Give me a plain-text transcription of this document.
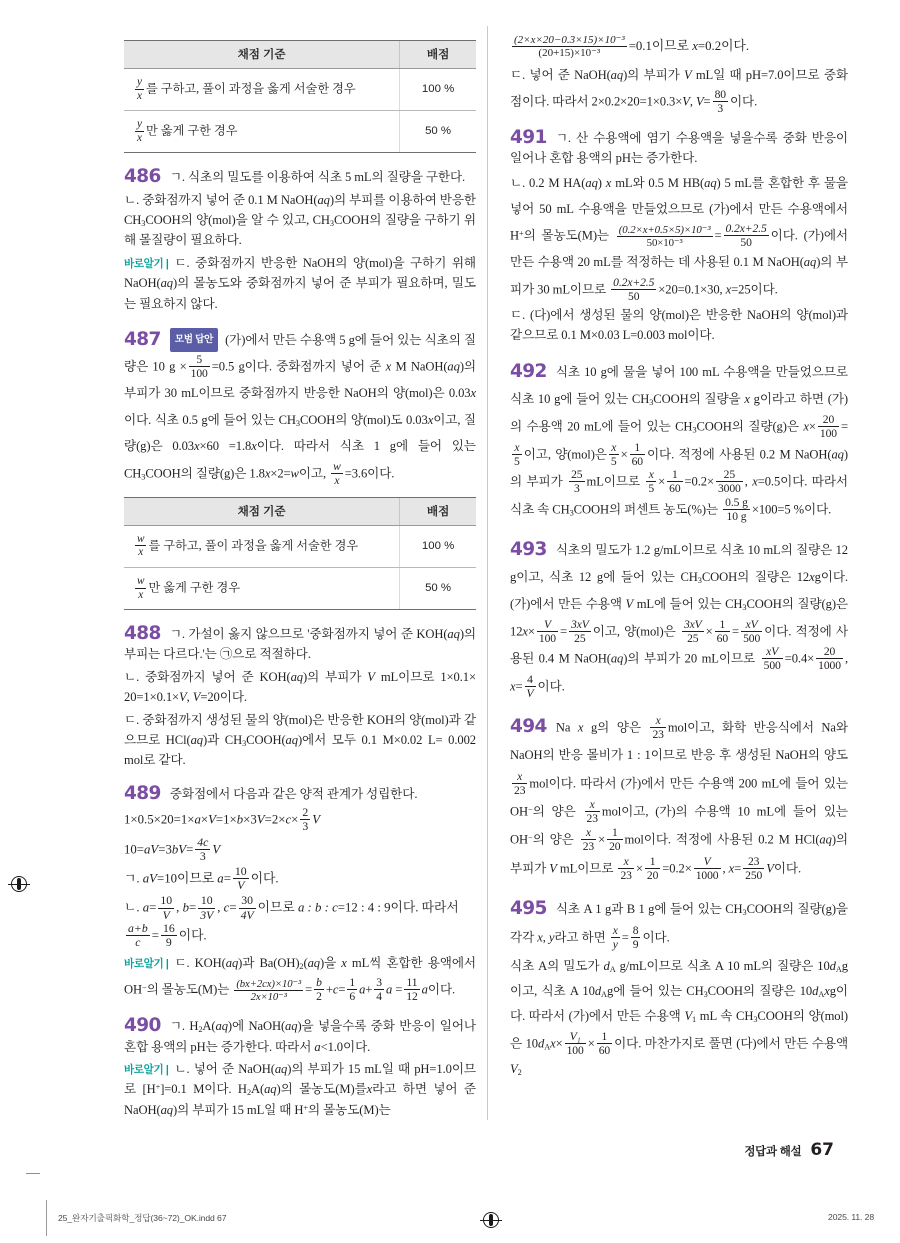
채점 기준	배점

$\frac{y}{x}$ 를 구하고, 풀이 과정을 옳게 서술한 경우	100 %

$\frac{y}{x}$ 만 옳게 구한 경우	50 %

486 ㄱ. 식초의 밀도를 이용하여 식초 5 mL의 질량을 구한다.

ㄴ. 중화점까지 넣어 준 0.1 M NaOH(aq)의 부피를 이용하여 반응한 $CH_3COOH$의 양(mol)을 알 수 있고, $CH_3COOH$의 질량을 구하기 위해 몰질량이 필요하다.

바로알기 | ㄷ. 중화점까지 반응한 NaOH의 양(mol)을 구하기 위해 NaOH(aq)의 몰농도와 중화점까지 넣어 준 부피가 필요하며, 밀도는 필요하지 않다.

487 모범 답안 (가)에서 만든 수용액 5 g에 들어 있는 식초의 질량은 10 $g \times \frac{5}{100} =0.5$ g이다. 중화점까지 넣어 준 x M NaOH(aq)의 부피가 30 mL이므로 중화점까지 반응한 NaOH의 양(mol)은 0.03x이다. 식초 0.5 g에 들어 있는 $CH_3COOH$의 양(mol)도 0.03x이고, 질량(g)은 0.03x×60 =1.8x이다. 따라서 식초 1 g에 들어 있는 $CH_3COOH$의 질량(g)은 1.8x×2=w이고, $\frac{w}{x} =3.6$이다.

채점 기준	배점

$\frac{w}{x}$ 를 구하고, 풀이 과정을 옳게 서술한 경우	100 %

$\frac{w}{x}$ 만 옳게 구한 경우	50 %

488 ㄱ. 가설이 옳지 않으므로 '중화점까지 넣어 준 KOH(aq)의 부피는 다르다.'는 ㉠으로 적절하다.

ㄴ. 중화점까지 넣어 준 KOH(aq)의 부피가 V mL이므로 1×0.1× 20=1×0.1×V, V=20이다.

ㄷ. 중화점까지 생성된 물의 양(mol)은 반응한 KOH의 양(mol)과 같으므로 HCl(aq)과 $CH_3COOH(aq)$에서 모두 0.1 M×0.02 L= 0.002 mol로 같다.

489 중화점에서 다음과 같은 양적 관계가 성립한다.

$1\times 0.5\times 20=1\times a\times V=1\times b\times 3V=2\times c\times \frac{2}{3}$ V

$10=aV=3bV= \frac{4c}{3}$ V

ㄱ. aV=10이므로 $a= \frac{10}{V}$ 이다.

ㄴ. $a= \frac{10}{V}$ , $b= \frac{10}{3V}$ , $c= \frac{30}{4V}$ 이므로 a : b : c=12 : 4 : 9이다. 따라서
$\frac{a+b}{c} = \frac{16}{9}$ 이다.

바로알기 | ㄷ. KOH(aq)과 $Ba(OH)_2(aq)$을 x mL씩 혼합한 용액에서 OH−의 몰농도(M)는 $\frac{\text{(bx+2cx)×10⁻³}}{\text{2x×10⁻³}} = \frac{b}{2} +c= \frac{1}{6} a+ \frac{3}{4}$ $a = \frac{11}{12}$ a이다.

490 ㄱ. $H_2A(aq)$에 NaOH(aq)을 넣을수록 중화 반응이 일어나 혼합 용액의 pH는 증가한다. 따라서 a<1.0이다.

바로알기 | ㄴ. 넣어 준 NaOH(aq)의 부피가 15 mL일 때 pH=1.0이므로 [H+]=0.1 M이다. $H_2A(aq)$의 몰농도(M)를x라고 하면 넣어 준 NaOH(aq)의 부피가 15 mL일 때 H+의 몰농도(M)는

$\frac{\text{(2×x×20−0.3×15)×10⁻³}}{\text{(20+15)×10⁻³}} =0.1$이므로 x=0.2이다.

ㄷ. 넣어 준 NaOH(aq)의 부피가 V mL일 때 pH=7.0이므로 중화점이다. 따라서 2×0.2×20=1×0.3×V, $V= \frac{80}{3}$ 이다.

491 ㄱ. 산 수용액에 염기 수용액을 넣을수록 중화 반응이 일어나 혼합 용액의 pH는 증가한다.

ㄴ. 0.2 M HA(aq) x mL와 0.5 M HB(aq) 5 mL를 혼합한 후 물을 넣어 50 mL 수용액을 만들었으므로 (가)에서 만든 수용액에서 H+의 몰농도(M)는 $\frac{\text{(0.2×x+0.5×5)×10⁻³}}{\text{50×10⁻³}} = \frac{0.2x+2.5}{50}$ 이다. (가)에서 만든 수용액 20 mL를 적정하는 데 사용된 0.1 M NaOH(aq)의 부피가 30 mL이므로 $\frac{0.2x+2.5}{50} \times 20=0.1\times 30$, x=25이다.

ㄷ. (다)에서 생성된 물의 양(mol)은 반응한 NaOH의 양(mol)과 같으므로 0.1 M×0.03 L=0.003 mol이다.

492 식초 10 g에 물을 넣어 100 mL 수용액을 만들었으므로 식초 10 g에 들어 있는 $CH_3COOH$의 질량을 x g이라고 하면 (가)의 수용액 20 mL에 들어 있는 $CH_3COOH$의 질량(g)은 $x\times \frac{20}{100}$ =
$\frac{x}{5}$ 이고, 양(mol)은 $\frac{x}{5} \times \frac{1}{60}$ 이다. 적정에 사용된 0.2 M NaOH(aq)의 부피가 $\frac{25}{3}$ mL이므로 $\frac{x}{5} \times \frac{1}{60} =0.2\times \frac{25}{3000}$ , x=0.5이다. 따라서 식초 속 $CH_3COOH$의 퍼센트 농도(%)는 $\frac{0.5 g}{10 g} \times 100=5$ %이다.

493 식초의 밀도가 1.2 g/mL이므로 식초 10 mL의 질량은 12 g이고, 식초 12 g에 들어 있는 $CH_3COOH$의 질량은 12xg이다. (가)에서 만든 수용액 V mL에 들어 있는 $CH_3COOH$의 질량(g)은 $12x\times \frac{V}{100} = \frac{3xV}{25}$ 이고, 양(mol)은 $\frac{3xV}{25} \times \frac{1}{60} = \frac{xV}{500}$ 이다. 적정에 사용된 0.4 M NaOH(aq)의 부피가 20 mL이므로 $\frac{xV}{500} =0.4\times \frac{20}{1000}$ , $x= \frac{4}{V}$ 이다.

494 Na x g의 양은 $\frac{x}{23}$ mol이고, 화학 반응식에서 Na와 NaOH의 반응 몰비가 1 : 1이므로 반응 후 생성된 NaOH의 양도
$\frac{x}{23}$ mol이다. 따라서 (가)에서 만든 수용액 200 mL에 들어 있는 OH−의 양은 $\frac{x}{23}$ mol이고, (가)의 수용액 10 mL에 들어 있는 OH−의 양은 $\frac{x}{23} \times \frac{1}{20}$ mol이다. 적정에 사용된 0.2 M HCl(aq)의 부피가 V mL이므로 $\frac{x}{23} \times \frac{1}{20} =0.2\times \frac{V}{1000}$ , $x= \frac{23}{250}$ V이다.

495 식초 A 1 g과 B 1 g에 들어 있는 $CH_3COOH$의 질량(g)을 각각 x, y라고 하면 $\frac{x}{y} = \frac{8}{9}$ 이다.

식초 A의 밀도가 $d_A$ g/mL이므로 식초 A 10 mL의 질량은 $10d_Ag$이고, 식초 A $10d_Ag$에 들어 있는 $CH_3COOH$의 질량은 $10d_Axg$이다. 따라서 (가)에서 만든 수용액 $V_1$ mL 속 $CH_3COOH$의 양(mol)은 $10d_Ax\times \frac{\text{V₁}}{100} \times \frac{1}{60}$ 이다. 마찬가지로 풀면 (다)에서 만든 수용액 $V_2$

정답과 해설 67
25_완자기출픽화학_정답(36~72)_OK.indd 67	2025. 11. 28
